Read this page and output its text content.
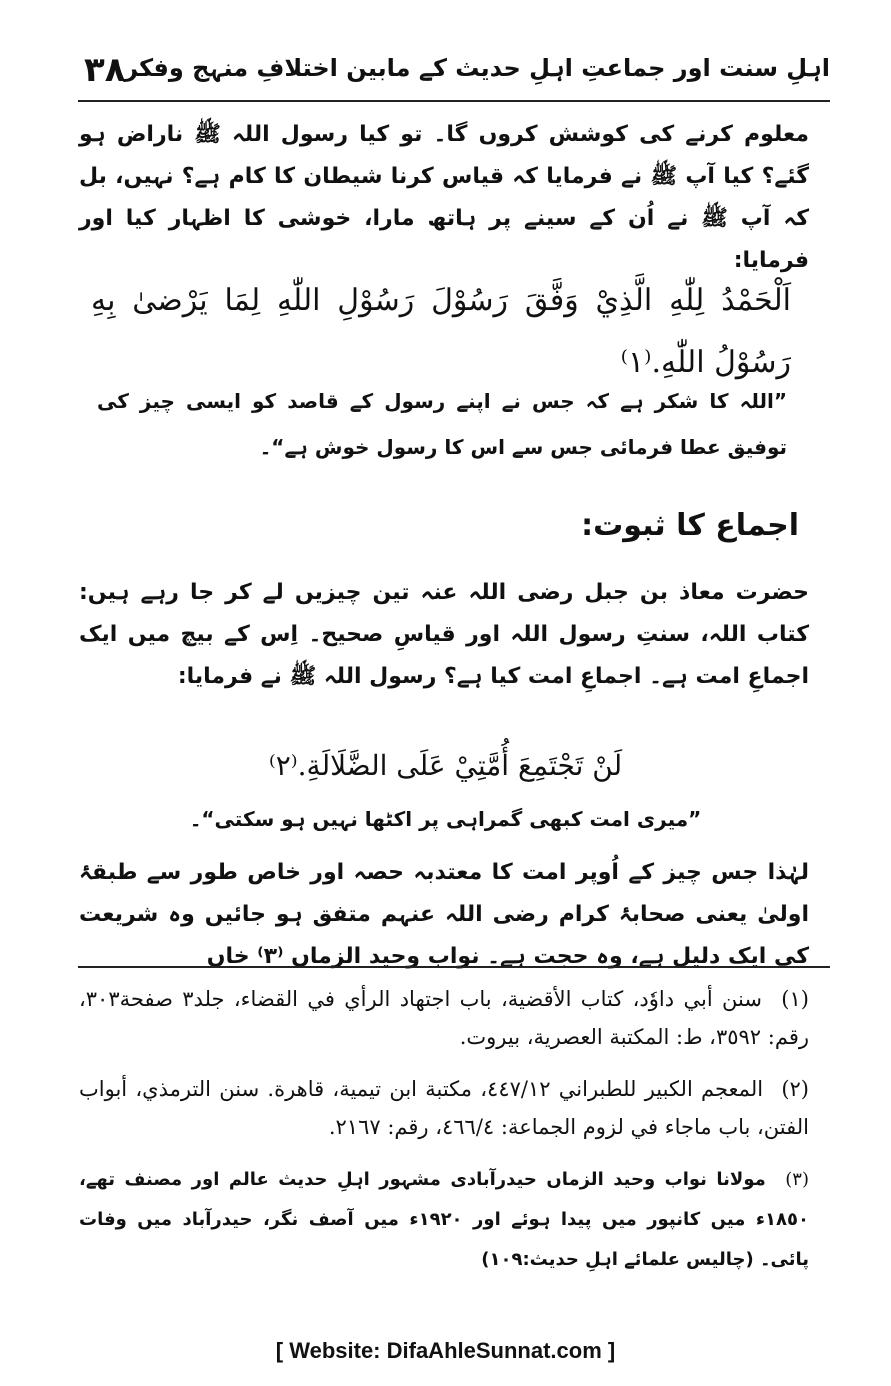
٣٨
اہلِ سنت اور جماعتِ اہلِ حدیث کے مابین اختلافِ منہج وفکر
معلوم کرنے کی کوشش کروں گا۔ تو کیا رسول اللہ ﷺ ناراض ہو گئے؟ کیا آپ ﷺ نے فرمایا کہ قیاس کرنا شیطان کا کام ہے؟ نہیں، بل کہ آپ ﷺ نے اُن کے سینے پر ہاتھ مارا، خوشی کا اظہار کیا اور فرمایا:
اَلْحَمْدُ لِلّٰهِ الَّذِيْ وَفَّقَ رَسُوْلَ رَسُوْلِ اللّٰهِ لِمَا يَرْضىٰ بِهِ رَسُوْلُ اللّٰهِ.⁽١⁾
”اللہ کا شکر ہے کہ جس نے اپنے رسول کے قاصد کو ایسی چیز کی توفیق عطا فرمائی جس سے اس کا رسول خوش ہے“۔
اجماع کا ثبوت:
حضرت معاذ بن جبل رضی اللہ عنہ تین چیزیں لے کر جا رہے ہیں: کتاب اللہ، سنتِ رسول اللہ اور قیاسِ صحیح۔ اِس کے بیچ میں ایک اجماعِ امت ہے۔ اجماعِ امت کیا ہے؟ رسول اللہ ﷺ نے فرمایا:
لَنْ تَجْتَمِعَ أُمَّتِيْ عَلَى الضَّلَالَةِ.⁽٢⁾
”میری امت کبھی گمراہی پر اکٹھا نہیں ہو سکتی“۔
لہٰذا جس چیز کے اُوپر امت کا معتدبہ حصہ اور خاص طور سے طبقۂ اولیٰ یعنی صحابۂ کرام رضی اللہ عنہم متفق ہو جائیں وہ شریعت کی ایک دلیل ہے، وہ حجت ہے۔ نواب وحید الزماں ⁽٣⁾ خاں
(١) سنن أبي داوٗد، كتاب الأقضية، باب اجتهاد الرأي في القضاء، جلد٣ صفحة٣٠٣، رقم: ٣٥٩٢، ط: المكتبة العصرية، بيروت.
(٢) المعجم الكبير للطبراني ٤٤٧/١٢، مكتبة ابن تيمية، قاهرة. سنن الترمذي، أبواب الفتن، باب ماجاء في لزوم الجماعة: ٤٦٦/٤، رقم: ٢١٦٧.
(٣) مولانا نواب وحید الزماں حیدرآبادی مشہور اہلِ حدیث عالم اور مصنف تھے، ١٨٥٠ء میں کانپور میں پیدا ہوئے اور ١٩٢٠ء میں آصف نگر، حیدرآباد میں وفات پائی۔ (چالیس علمائے اہلِ حدیث:١٠٩)
[ Website: DifaAhleSunnat.com ]
